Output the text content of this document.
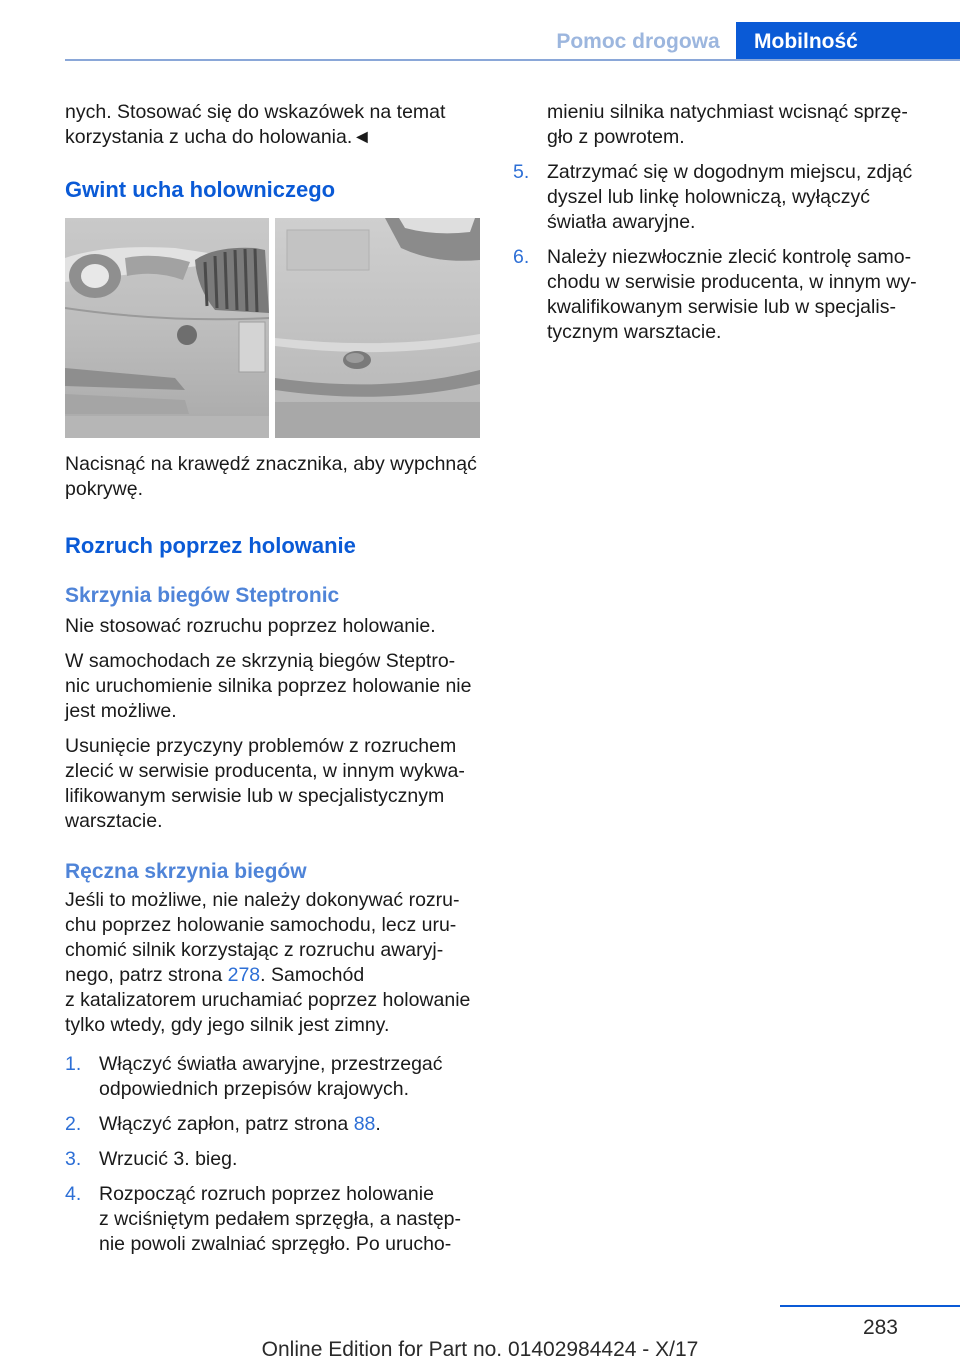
Pomoc drogowa	Mobilność

nych. Stosować się do wskazówek na temat
korzystania z ucha do holowania.◄

Gwint ucha holowniczego

Nacisnąć na krawędź znacznika, aby wypchnąć
pokrywę.

Rozruch poprzez holowanie
Skrzynia biegów Steptronic

Nie stosować rozruchu poprzez holowanie.

W samochodach ze skrzynią biegów Steptro‐
nic uruchomienie silnika poprzez holowanie nie
jest możliwe.

Usunięcie przyczyny problemów z rozruchem
zlecić w serwisie producenta, w innym wykwa‐
lifikowanym serwisie lub w specjalistycznym
warsztacie.

Ręczna skrzynia biegów

Jeśli to możliwe, nie należy dokonywać rozru‐
chu poprzez holowanie samochodu, lecz uru‐
chomić silnik korzystając z rozruchu awaryj‐
nego, patrz strona 278. Samochód
z katalizatorem uruchamiać poprzez holowanie
tylko wtedy, gdy jego silnik jest zimny.

1. Włączyć światła awaryjne, przestrzegać
odpowiednich przepisów krajowych.
2. Włączyć zapłon, patrz strona 88.
3. Wrzucić 3. bieg.
4. Rozpocząć rozruch poprzez holowanie
z wciśniętym pedałem sprzęgła, a następ‐
nie powoli zwalniać sprzęgło. Po urucho‐

mieniu silnika natychmiast wcisnąć sprzę‐
gło z powrotem.

5. Zatrzymać się w dogodnym miejscu, zdjąć
dyszel lub linkę holowniczą, wyłączyć
światła awaryjne.
6. Należy niezwłocznie zlecić kontrolę samo‐
chodu w serwisie producenta, w innym wy‐
kwalifikowanym serwisie lub w specjalis‐
tycznym warsztacie.
283
Online Edition for Part no. 01402984424 - X/17
